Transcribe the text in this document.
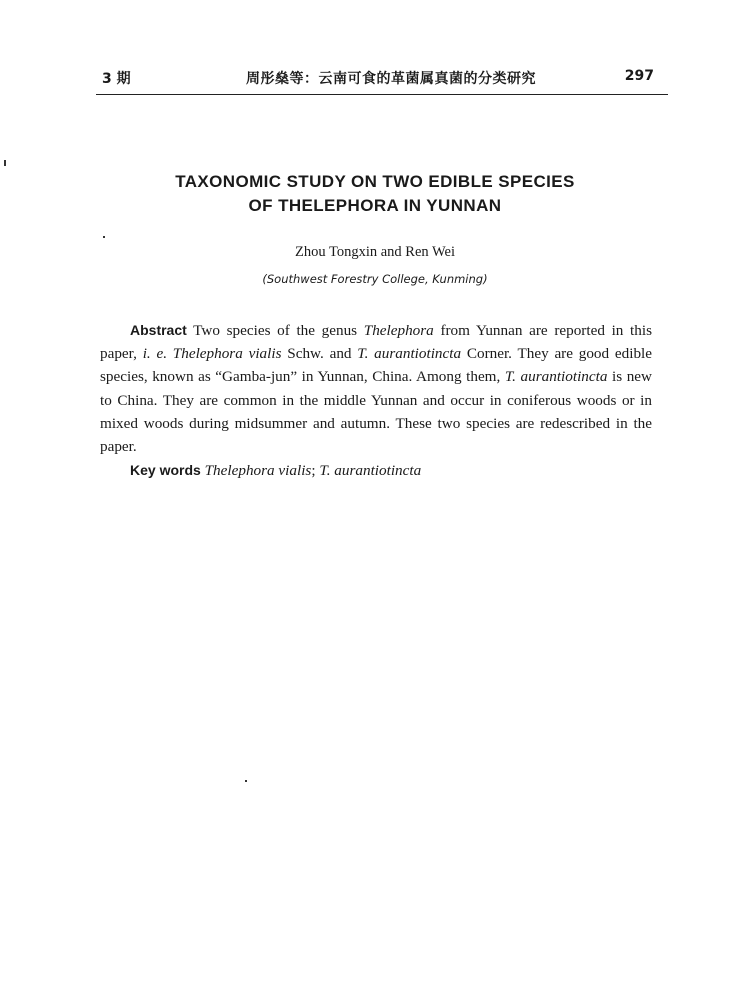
3 期	周彤燊等：云南可食的革菌属真菌的分类研究	297
TAXONOMIC STUDY ON TWO EDIBLE SPECIES
OF THELEPHORA IN YUNNAN
Zhou Tongxin and Ren Wei
(Southwest Forestry College, Kunming)
Abstract Two species of the genus Thelephora from Yunnan are reported in this paper, i. e. Thelephora vialis Schw. and T. aurantiotincta Corner. They are good edible species, known as “Gamba-jun” in Yunnan, China. Among them, T. aurantiotincta is new to China. They are common in the middle Yunnan and occur in coniferous woods or in mixed woods during midsummer and autumn. These two species are redescribed in the paper.
Key words Thelephora vialis; T. aurantiotincta
